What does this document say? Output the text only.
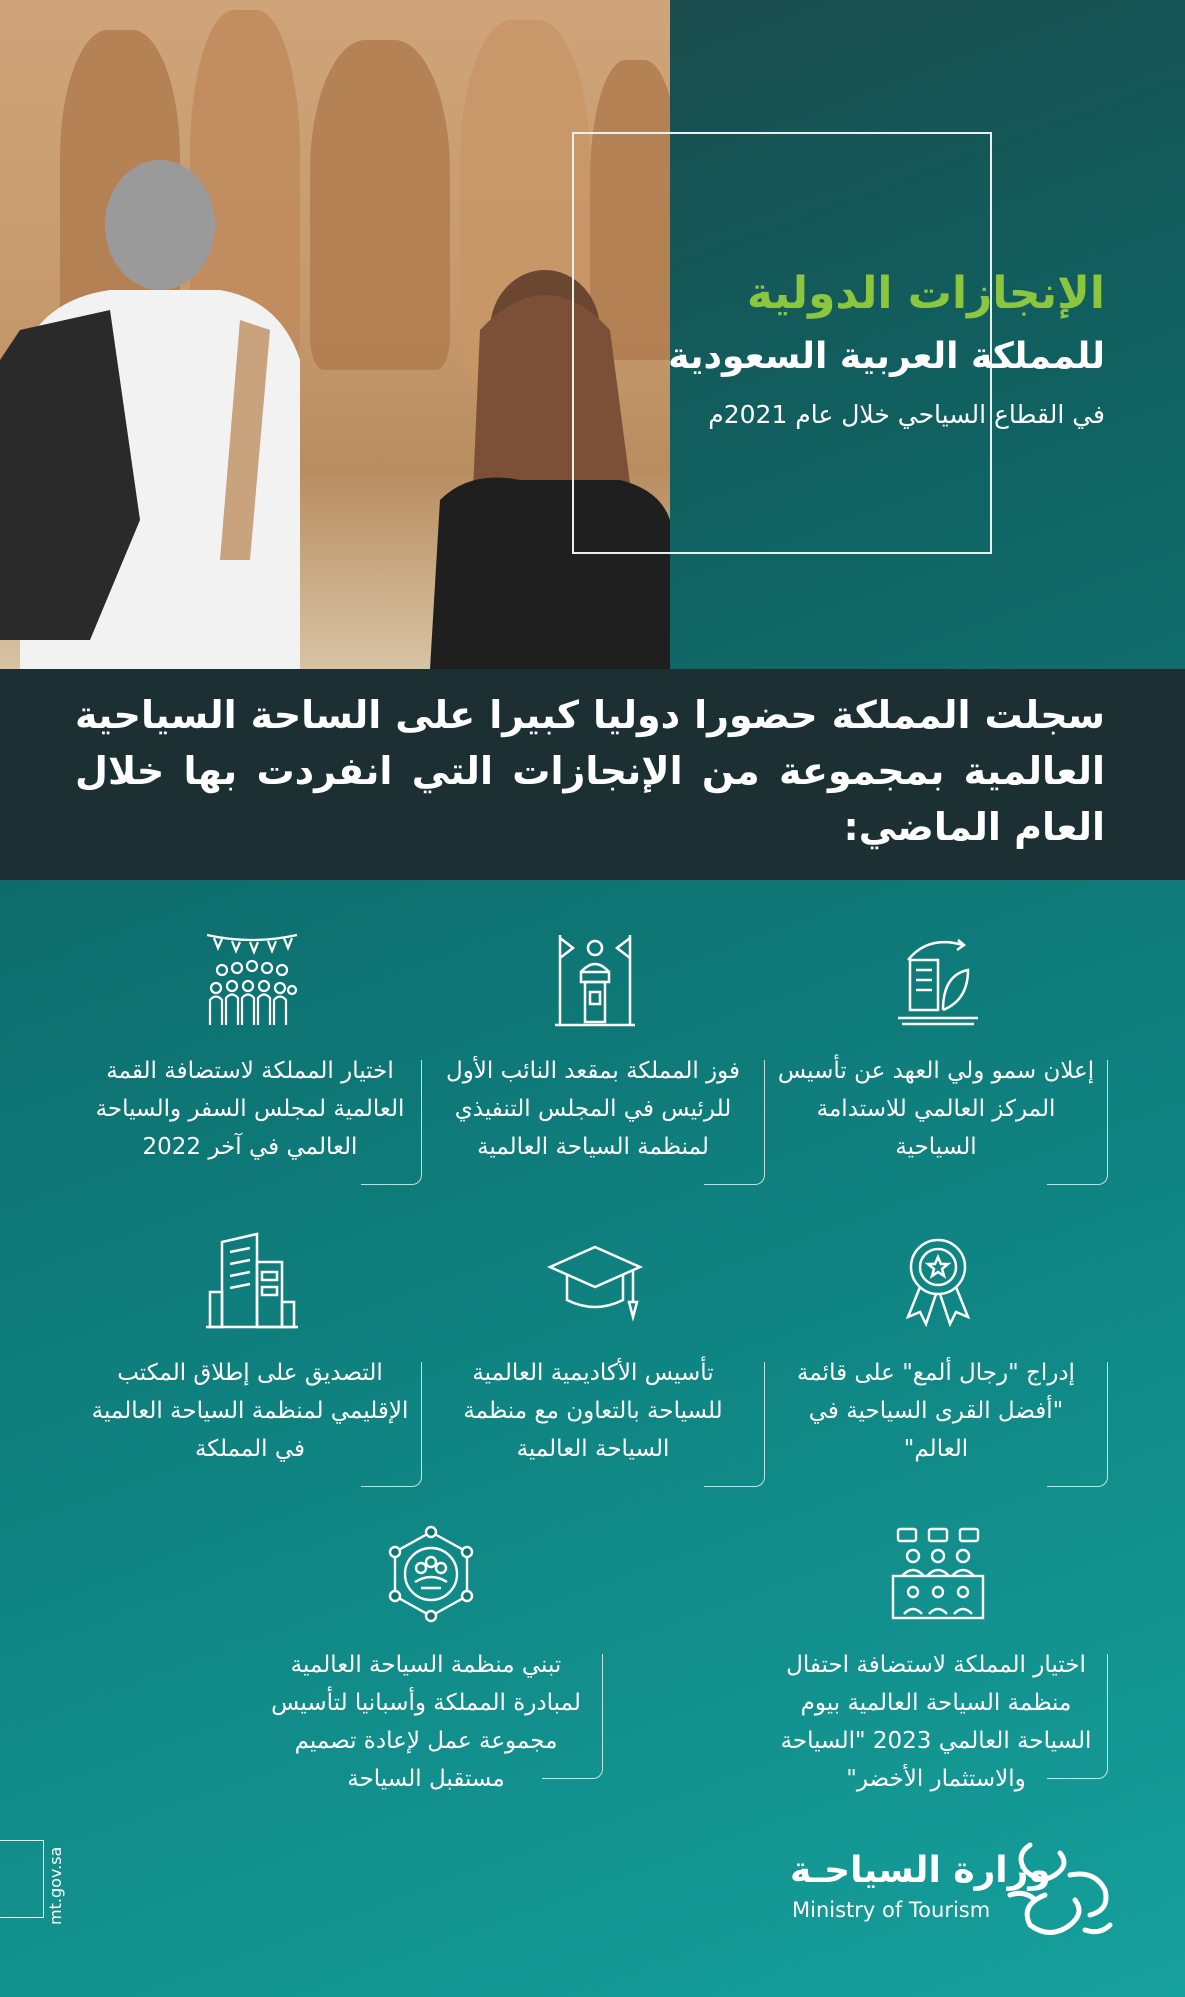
الإنجازات الدولية
للمملكة العربية السعودية
في القطاع السياحي خلال عام 2021م
سجلت المملكة حضورا دوليا كبيرا على الساحة السياحية العالمية بمجموعة من الإنجازات التي انفردت بها خلال العام الماضي:
إعلان سمو ولي العهد عن تأسيس المركز العالمي للاستدامة السياحية
فوز المملكة بمقعد النائب الأول للرئيس في المجلس التنفيذي لمنظمة السياحة العالمية
اختيار المملكة لاستضافة القمة العالمية لمجلس السفر والسياحة العالمي في آخر 2022
إدراج "رجال ألمع" على قائمة "أفضل القرى السياحية في العالم"
تأسيس الأكاديمية العالمية للسياحة بالتعاون مع منظمة السياحة العالمية
التصديق على إطلاق المكتب الإقليمي لمنظمة السياحة العالمية في المملكة
اختيار المملكة لاستضافة احتفال منظمة السياحة العالمية بيوم السياحة العالمي 2023 "السياحة والاستثمار الأخضر"
تبني منظمة السياحة العالمية لمبادرة المملكة وأسبانيا لتأسيس مجموعة عمل لإعادة تصميم مستقبل السياحة
mt.gov.sa	وزارة السياحـة
Ministry of Tourism
